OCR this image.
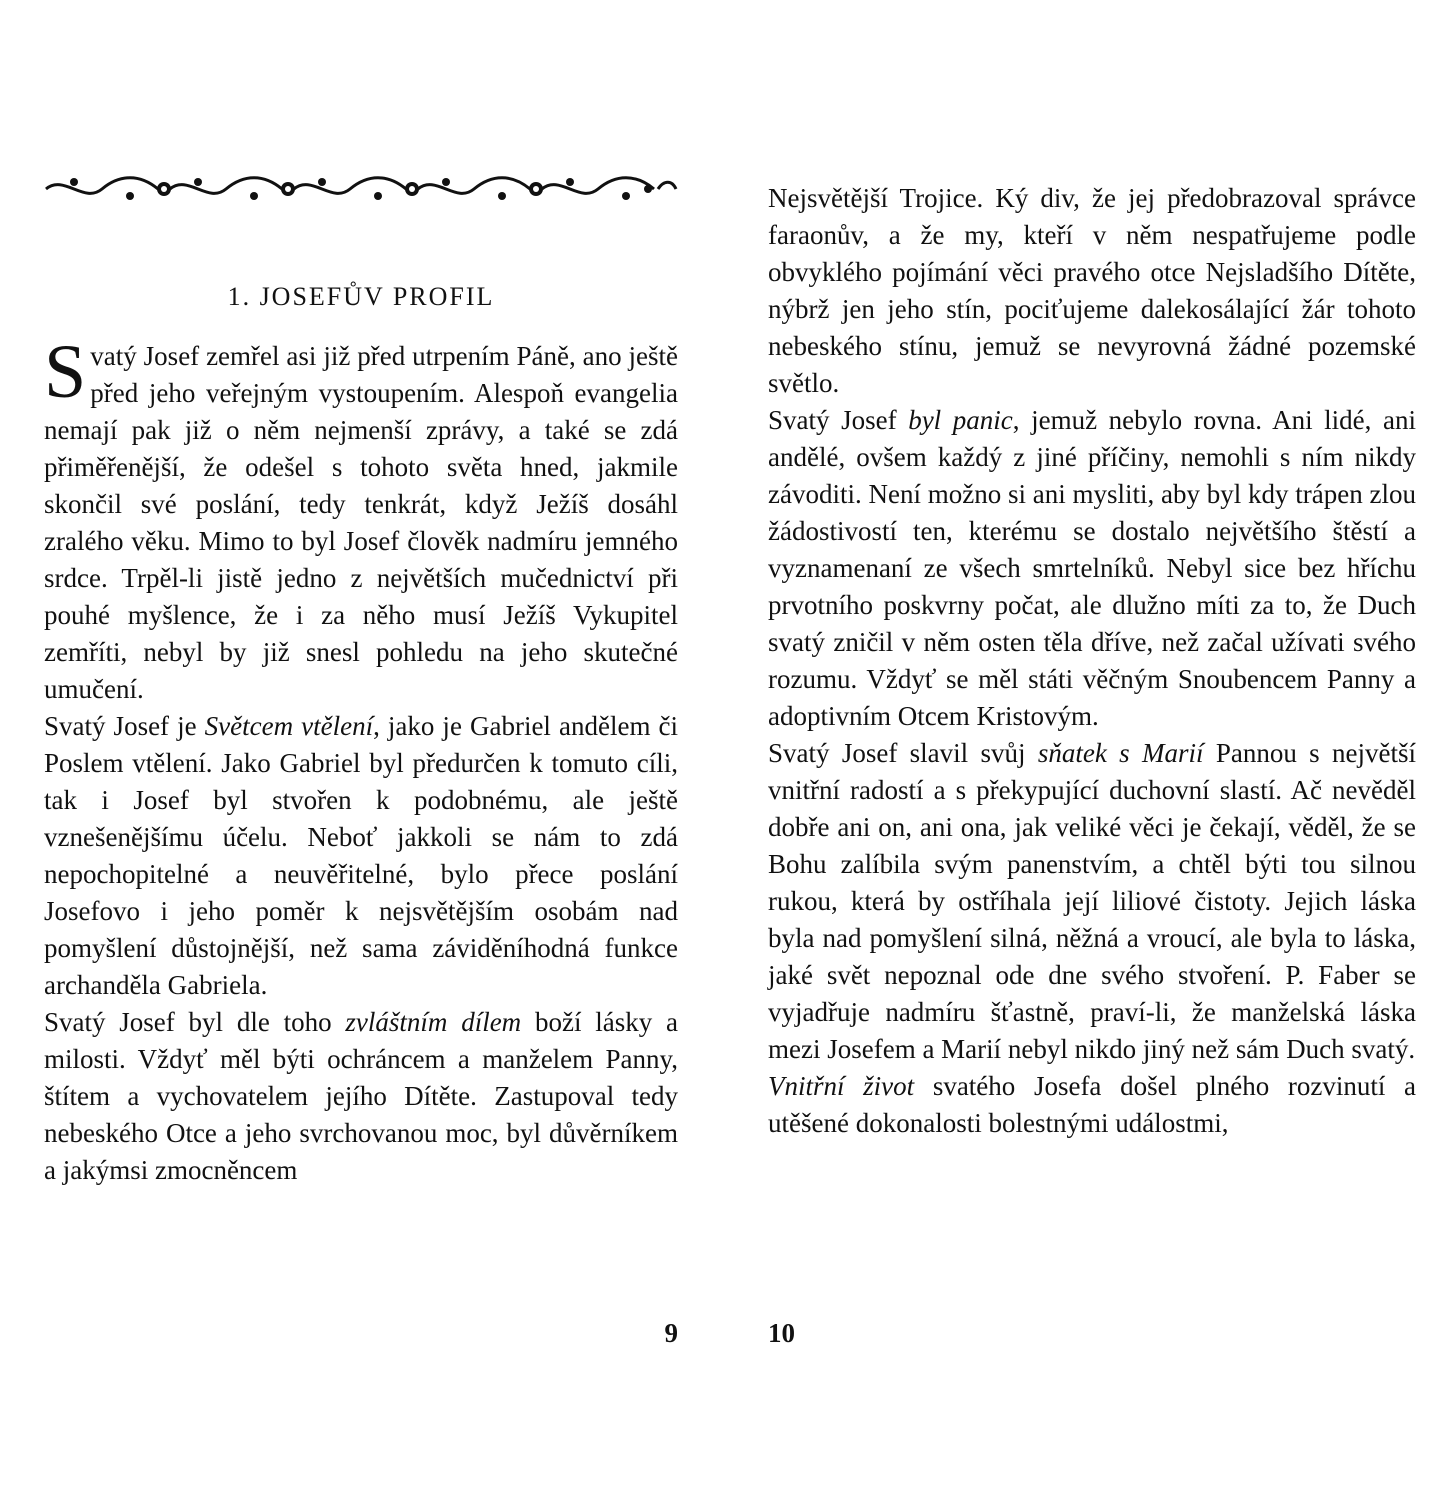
1. JOSEFŮV PROFIL

Svatý Josef zemřel asi již před utrpením Páně, ano ještě před jeho veřejným vystoupením. Alespoň evangelia nemají pak již o něm nejmenší zprávy, a také se zdá přiměřenější, že odešel s tohoto světa hned, jakmile skončil své poslání, tedy tenkrát, když Ježíš dosáhl zralého věku. Mimo to byl Josef člověk nadmíru jemného srdce. Trpěl-li jistě jedno z největších mučednictví při pouhé myšlence, že i za něho musí Ježíš Vykupitel zemříti, nebyl by již snesl pohledu na jeho skutečné umučení.

Svatý Josef je Světcem vtělení, jako je Gabriel andělem či Poslem vtělení. Jako Gabriel byl předurčen k tomuto cíli, tak i Josef byl stvořen k podobnému, ale ještě vznešenějšímu účelu. Neboť jakkoli se nám to zdá nepochopitelné a neuvěřitelné, bylo přece poslání Josefovo i jeho poměr k nejsvětějším osobám nad pomyšlení důstojnější, než sama záviděníhodná funkce archanděla Gabriela.

Svatý Josef byl dle toho zvláštním dílem boží lásky a milosti. Vždyť měl býti ochráncem a manželem Panny, štítem a vychovatelem jejího Dítěte. Zastupoval tedy nebeského Otce a jeho svrchovanou moc, byl důvěrníkem a jakýmsi zmocněncem

9

Nejsvětější Trojice. Ký div, že jej předobrazoval správce faraonův, a že my, kteří v něm nespatřujeme podle obvyklého pojímání věci pravého otce Nejsladšího Dítěte, nýbrž jen jeho stín, pociťujeme dalekosálající žár tohoto nebeského stínu, jemuž se nevyrovná žádné pozemské světlo.

Svatý Josef byl panic, jemuž nebylo rovna. Ani lidé, ani andělé, ovšem každý z jiné příčiny, nemohli s ním nikdy závoditi. Není možno si ani mysliti, aby byl kdy trápen zlou žádostivostí ten, kterému se dostalo největšího štěstí a vyznamenaní ze všech smrtelníků. Nebyl sice bez hříchu prvotního poskvrny počat, ale dlužno míti za to, že Duch svatý zničil v něm osten těla dříve, než začal užívati svého rozumu. Vždyť se měl státi věčným Snoubencem Panny a adoptivním Otcem Kristovým.

Svatý Josef slavil svůj sňatek s Marií Pannou s největší vnitřní radostí a s překypující duchovní slastí. Ač nevěděl dobře ani on, ani ona, jak veliké věci je čekají, věděl, že se Bohu zalíbila svým panenstvím, a chtěl býti tou silnou rukou, která by ostříhala její liliové čistoty. Jejich láska byla nad pomyšlení silná, něžná a vroucí, ale byla to láska, jaké svět nepoznal ode dne svého stvoření. P. Faber se vyjadřuje nadmíru šťastně, praví-li, že manželská láska mezi Josefem a Marií nebyl nikdo jiný než sám Duch svatý.

Vnitřní život svatého Josefa došel plného rozvinutí a utěšené dokonalosti bolestnými událostmi,

10
